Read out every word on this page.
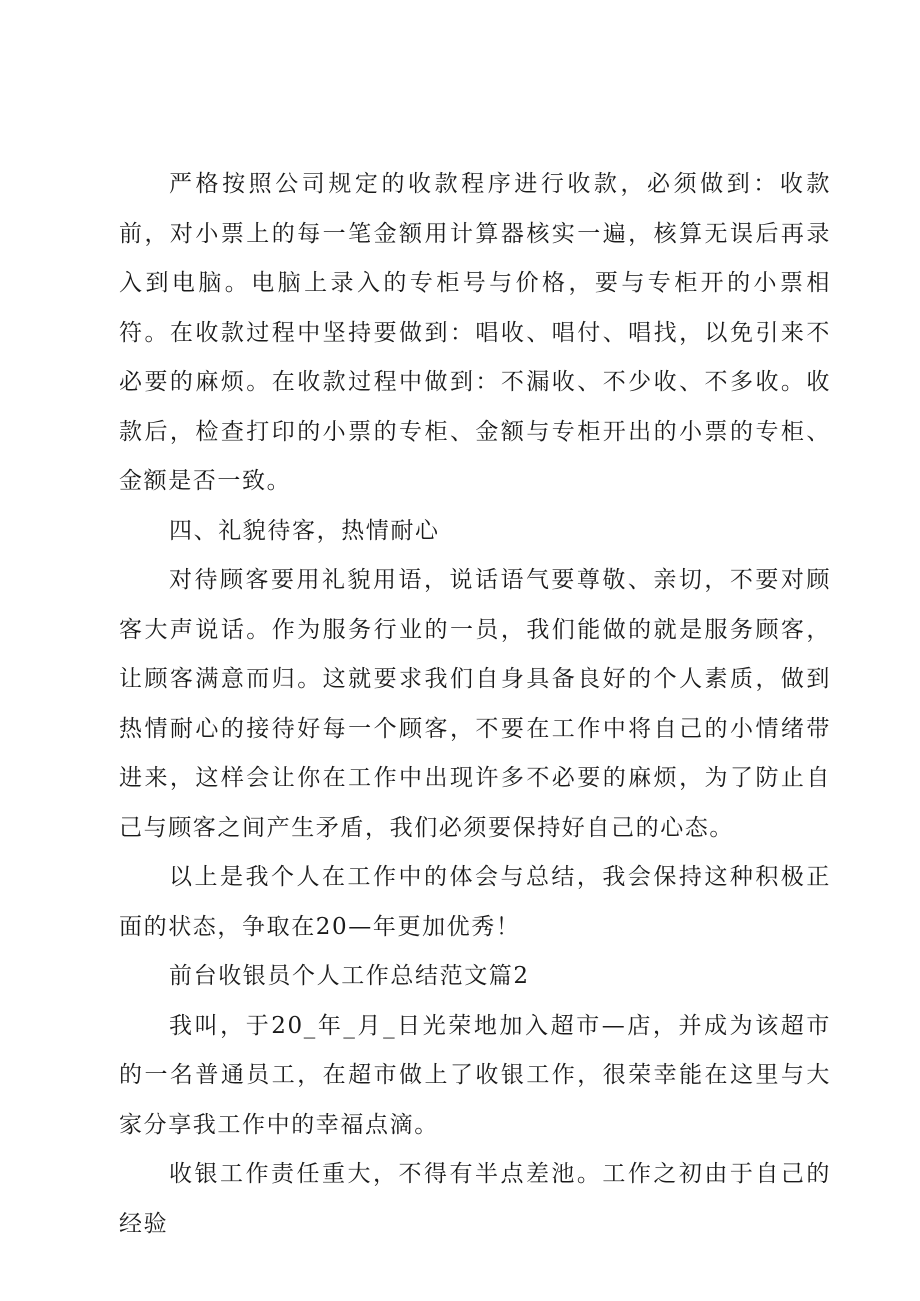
严格按照公司规定的收款程序进行收款，必须做到：收款前，对小票上的每一笔金额用计算器核实一遍，核算无误后再录入到电脑。电脑上录入的专柜号与价格，要与专柜开的小票相符。在收款过程中坚持要做到：唱收、唱付、唱找，以免引来不必要的麻烦。在收款过程中做到：不漏收、不少收、不多收。收款后，检查打印的小票的专柜、金额与专柜开出的小票的专柜、金额是否一致。

四、礼貌待客，热情耐心

对待顾客要用礼貌用语，说话语气要尊敬、亲切，不要对顾客大声说话。作为服务行业的一员，我们能做的就是服务顾客，让顾客满意而归。这就要求我们自身具备良好的个人素质，做到热情耐心的接待好每一个顾客，不要在工作中将自己的小情绪带进来，这样会让你在工作中出现许多不必要的麻烦，为了防止自己与顾客之间产生矛盾，我们必须要保持好自己的心态。

以上是我个人在工作中的体会与总结，我会保持这种积极正面的状态，争取在20—年更加优秀！

前台收银员个人工作总结范文篇2

我叫，于20_年_月_日光荣地加入超市—店，并成为该超市的一名普通员工，在超市做上了收银工作，很荣幸能在这里与大家分享我工作中的幸福点滴。

收银工作责任重大，不得有半点差池。工作之初由于自己的经验
